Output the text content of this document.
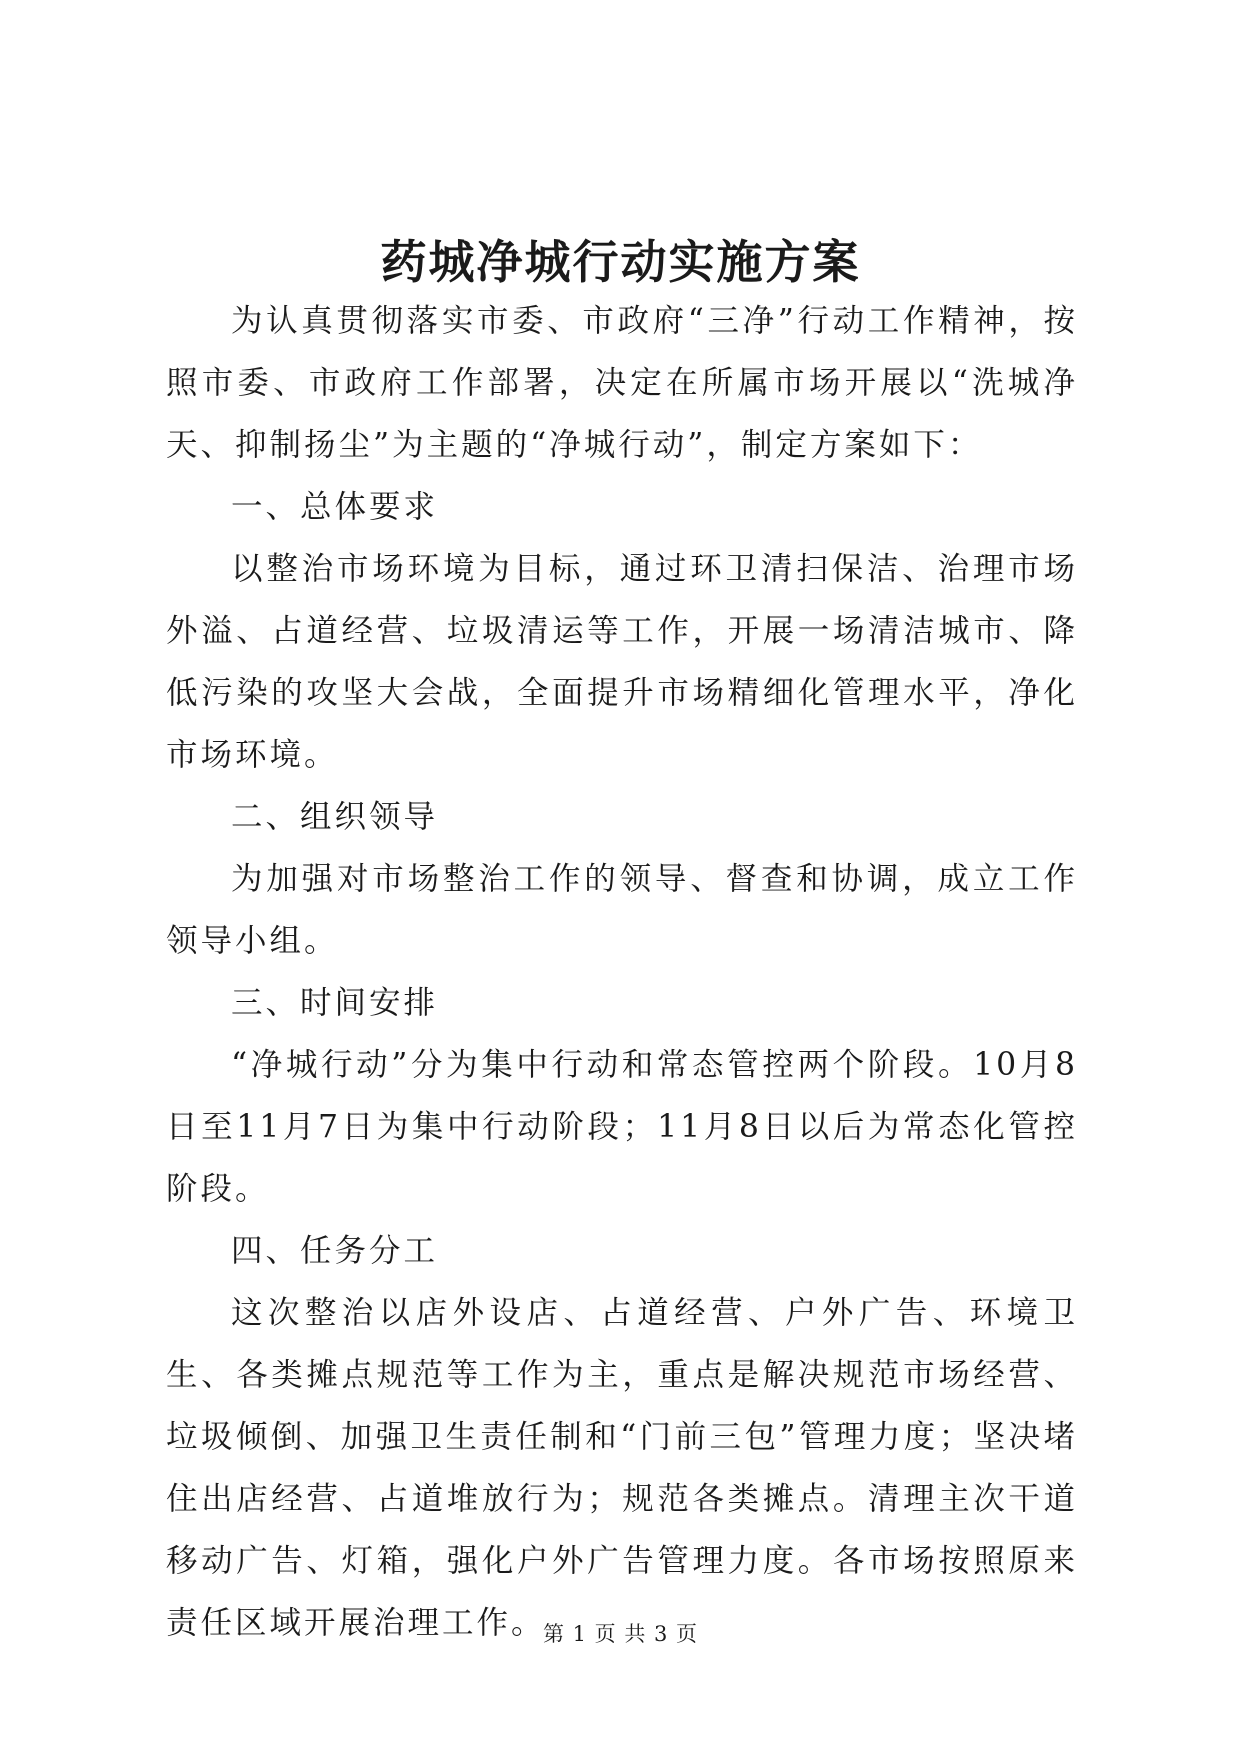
药城净城行动实施方案

为认真贯彻落实市委、市政府“三净”行动工作精神，按照市委、市政府工作部署，决定在所属市场开展以“洗城净天、抑制扬尘”为主题的“净城行动”，制定方案如下：

一、总体要求

以整治市场环境为目标，通过环卫清扫保洁、治理市场外溢、占道经营、垃圾清运等工作，开展一场清洁城市、降低污染的攻坚大会战，全面提升市场精细化管理水平，净化市场环境。

二、组织领导

为加强对市场整治工作的领导、督查和协调，成立工作领导小组。

三、时间安排

“净城行动”分为集中行动和常态管控两个阶段。10月8日至11月7日为集中行动阶段；11月8日以后为常态化管控阶段。

四、任务分工

这次整治以店外设店、占道经营、户外广告、环境卫生、各类摊点规范等工作为主，重点是解决规范市场经营、垃圾倾倒、加强卫生责任制和“门前三包”管理力度；坚决堵住出店经营、占道堆放行为；规范各类摊点。清理主次干道移动广告、灯箱，强化户外广告管理力度。各市场按照原来责任区域开展治理工作。

第 1 页 共 3 页
